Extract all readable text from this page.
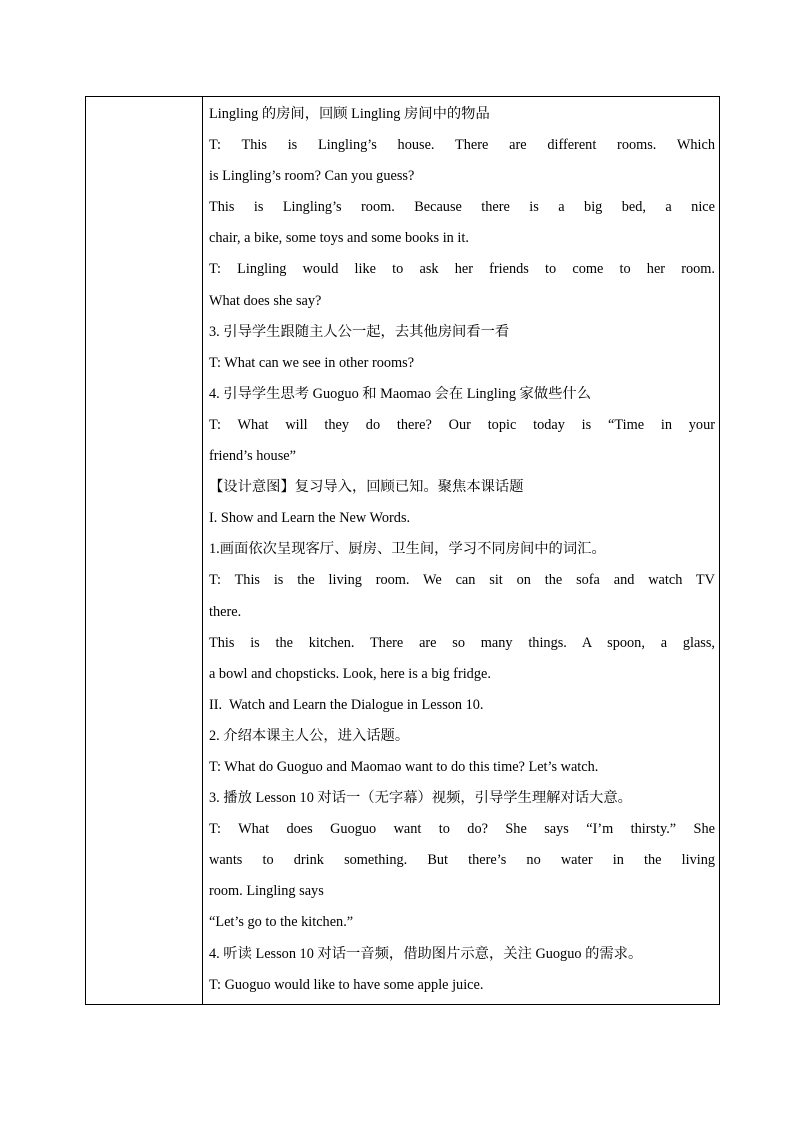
Lingling 的房间，回顾 Lingling 房间中的物品
T: This is Lingling’s house. There are different rooms. Which
is Lingling’s room? Can you guess?
This is Lingling’s room. Because there is a big bed, a nice
chair, a bike, some toys and some books in it.
T: Lingling would like to ask her friends to come to her room.
What does she say?
3. 引导学生跟随主人公一起，去其他房间看一看
T: What can we see in other rooms?
4. 引导学生思考 Guoguo 和 Maomao 会在 Lingling 家做些什么
T: What will they do there? Our topic today is “Time in your
friend’s house”
【设计意图】复习导入，回顾已知。聚焦本课话题
I. Show and Learn the New Words.
1.画面依次呈现客厅、厨房、卫生间，学习不同房间中的词汇。
T: This is the living room. We can sit on the sofa and watch TV
there.
This is the kitchen. There are so many things. A spoon, a glass,
a bowl and chopsticks. Look, here is a big fridge.
II.  Watch and Learn the Dialogue in Lesson 10.
2. 介绍本课主人公，进入话题。
T: What do Guoguo and Maomao want to do this time? Let’s watch.
3. 播放 Lesson 10 对话一（无字幕）视频，引导学生理解对话大意。
T: What does Guoguo want to do? She says “I’m thirsty.” She
wants to drink something. But there’s no water in the living
room. Lingling says
“Let’s go to the kitchen.”
4. 听读 Lesson 10 对话一音频，借助图片示意，关注 Guoguo 的需求。
T: Guoguo would like to have some apple juice.
